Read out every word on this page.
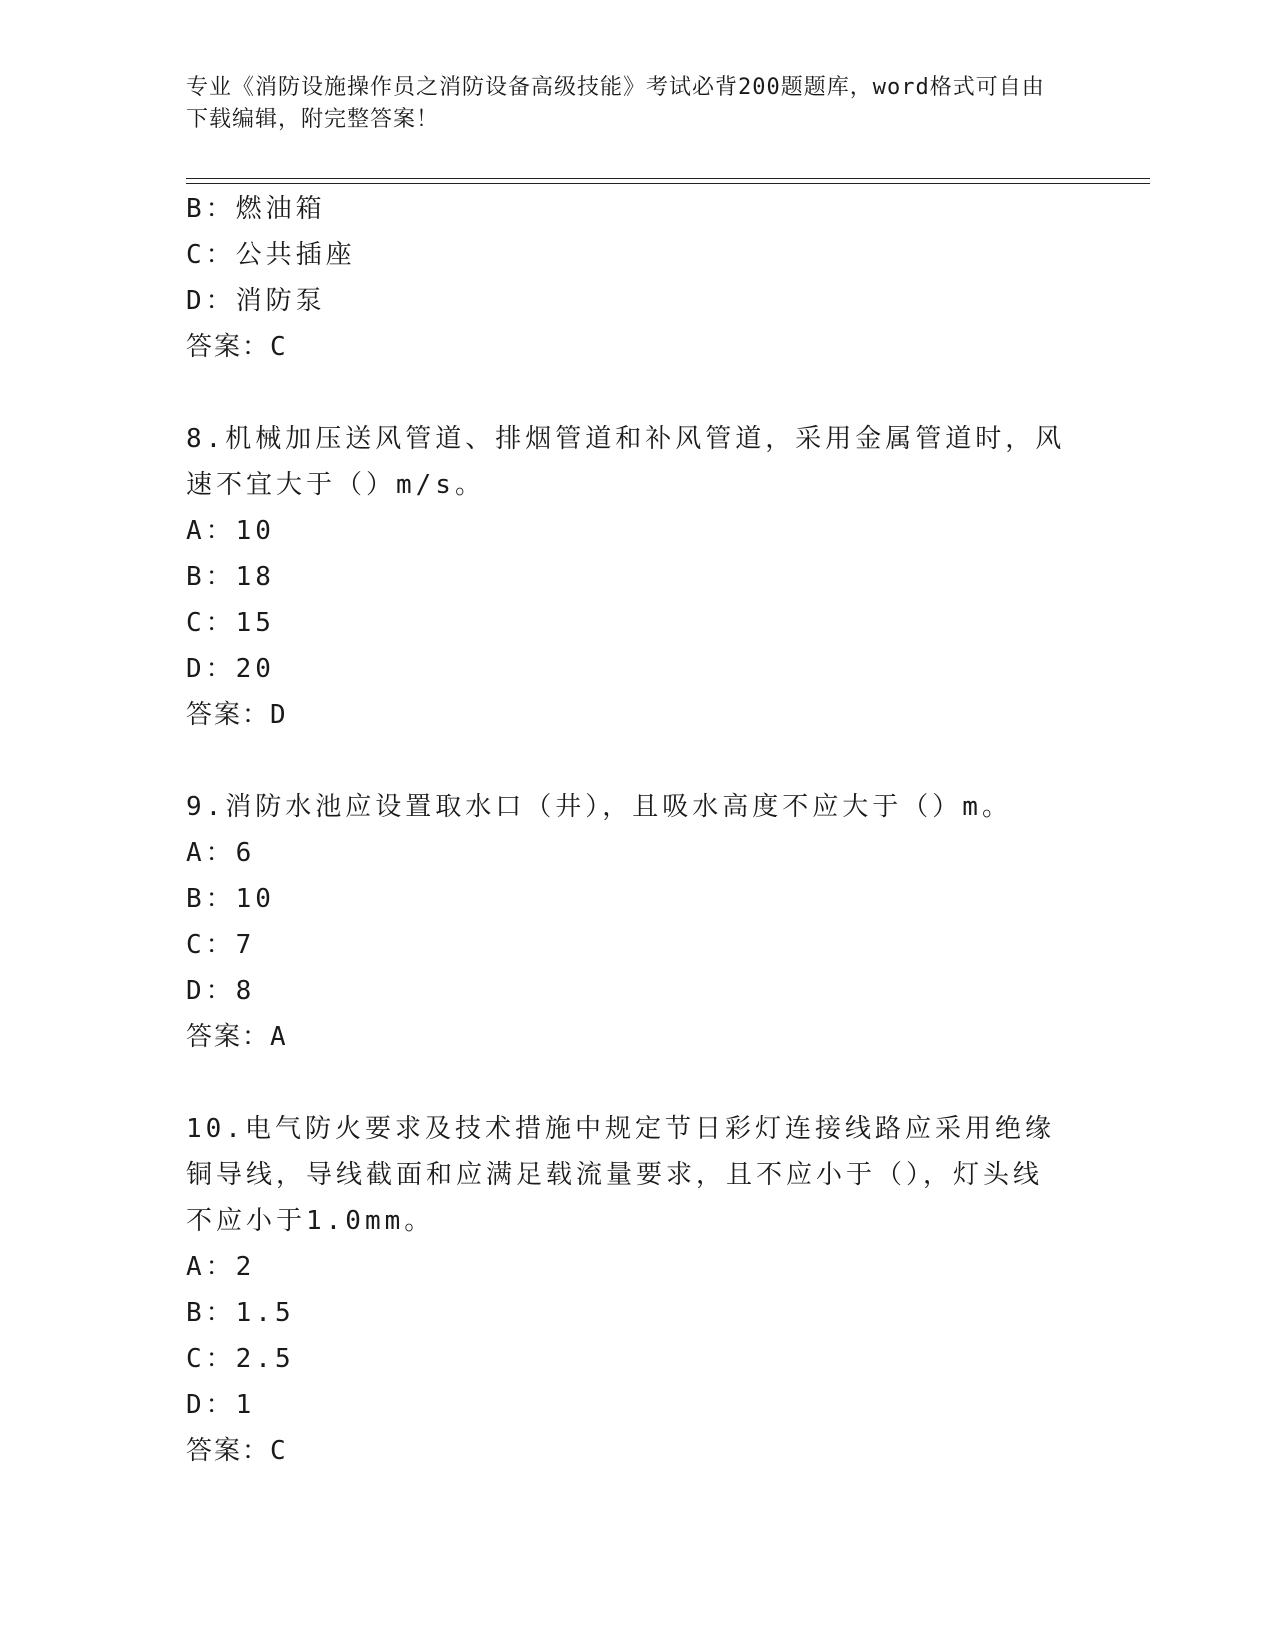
专业《消防设施操作员之消防设备高级技能》考试必背200题题库，word格式可自由下载编辑，附完整答案！
B：燃油箱
C：公共插座
D：消防泵
答案：C
8.机械加压送风管道、排烟管道和补风管道，采用金属管道时，风速不宜大于（）m/s。
A：10
B：18
C：15
D：20
答案：D
9.消防水池应设置取水口（井），且吸水高度不应大于（）m。
A：6
B：10
C：7
D：8
答案：A
10.电气防火要求及技术措施中规定节日彩灯连接线路应采用绝缘铜导线，导线截面和应满足载流量要求，且不应小于（），灯头线不应小于1.0mm。
A：2
B：1.5
C：2.5
D：1
答案：C
